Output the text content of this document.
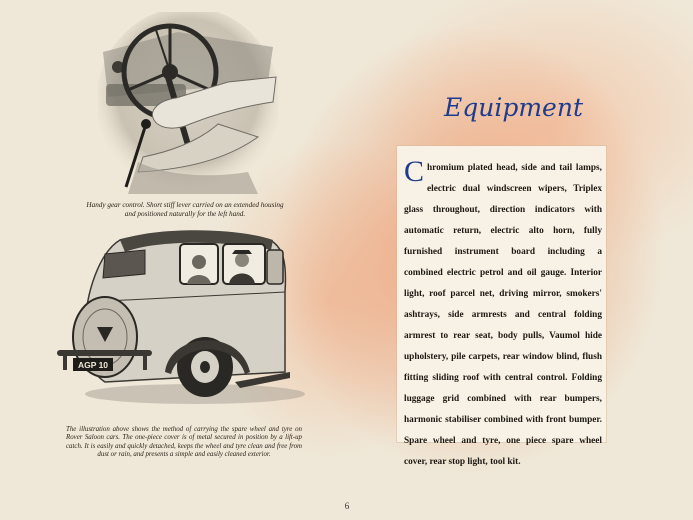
Handy gear control. Short stiff lever carried on an extended housing and positioned naturally for the left hand.
AGP 10
The illustration above shows the method of carrying the spare wheel and tyre on Rover Saloon cars. The one-piece cover is of metal secured in position by a lift-up catch. It is easily and quickly detached, keeps the wheel and tyre clean and free from dust or rain, and presents a simple and easily cleaned exterior.
Equipment
Chromium plated head, side and tail lamps, electric dual windscreen wipers, Triplex glass throughout, direction indicators with automatic return, electric alto horn, fully furnished instrument board including a combined electric petrol and oil gauge. Interior light, roof parcel net, driving mirror, smokers' ashtrays, side armrests and central folding armrest to rear seat, body pulls, Vaumol hide upholstery, pile carpets, rear window blind, flush fitting sliding roof with central control. Folding luggage grid combined with rear bumpers, harmonic stabiliser combined with front bumper. Spare wheel and tyre, one piece spare wheel cover, rear stop light, tool kit.
6
